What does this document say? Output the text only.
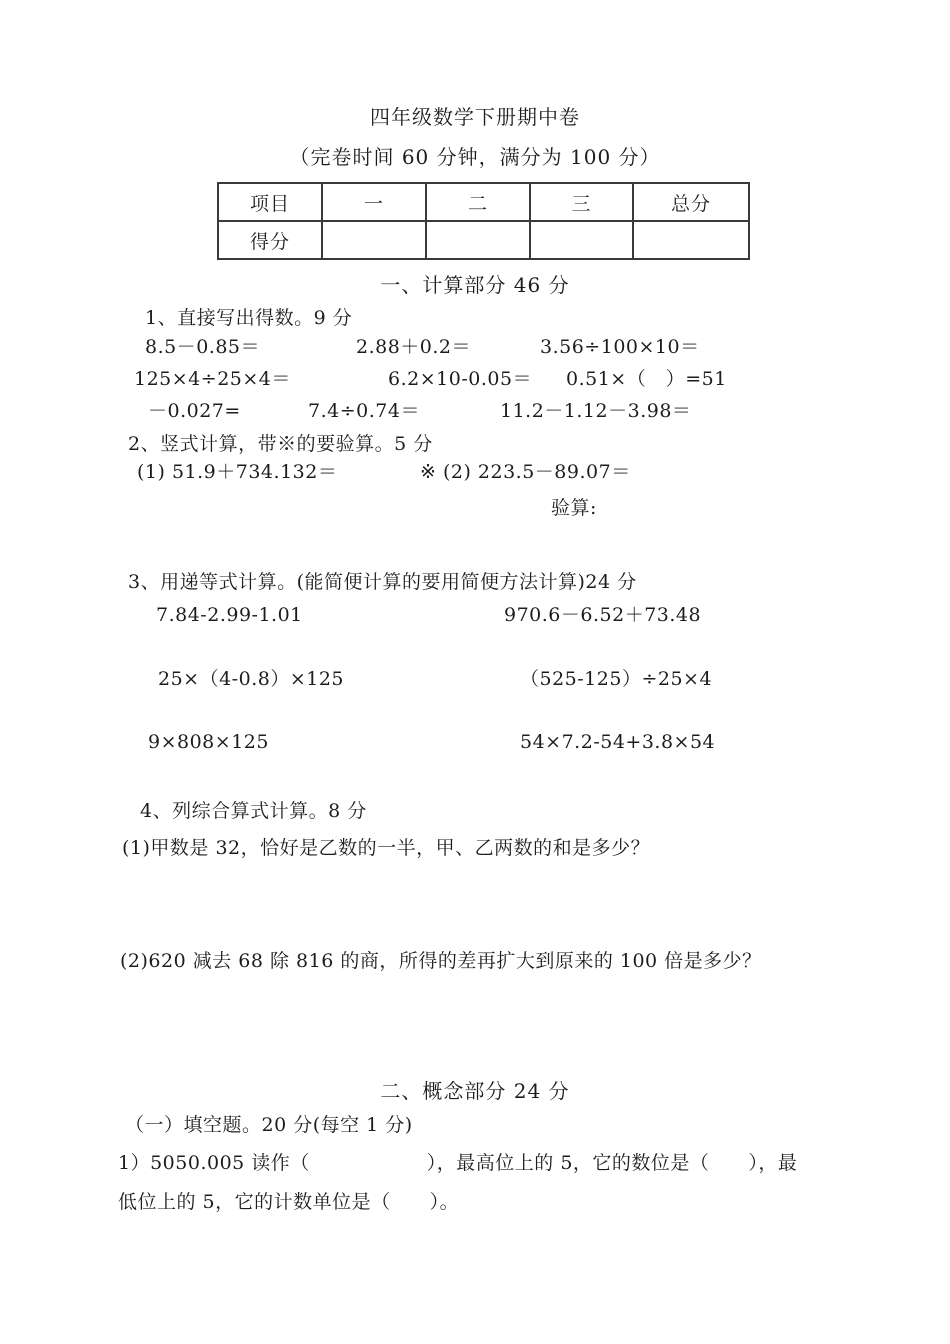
四年级数学下册期中卷
（完卷时间 60 分钟，满分为 100 分）
项目	一	二	三	总分
得分				
一、计算部分 46 分
1、直接写出得数。9 分
8.5－0.85＝	2.88＋0.2＝	3.56÷100×10＝
125×4÷25×4＝	6.2×10-0.05＝ 0.51×（　）=51
－0.027=	7.4÷0.74＝	11.2－1.12－3.98＝
2、竖式计算，带※的要验算。5 分
(1) 51.9＋734.132＝	※ (2) 223.5－89.07＝
验算:
3、用递等式计算。(能简便计算的要用简便方法计算)24 分
7.84-2.99-1.01	970.6－6.52＋73.48
25×（4-0.8）×125	（525-125）÷25×4
9×808×125	54×7.2-54+3.8×54
4、列综合算式计算。8 分
(1)甲数是 32，恰好是乙数的一半，甲、乙两数的和是多少？
(2)620 减去 68 除 816 的商，所得的差再扩大到原来的 100 倍是多少？
二、概念部分 24 分
（一）填空题。20 分(每空 1 分)
1）5050.005 读作（　　　　　　），最高位上的 5，它的数位是（　　），最
低位上的 5，它的计数单位是（　　）。
